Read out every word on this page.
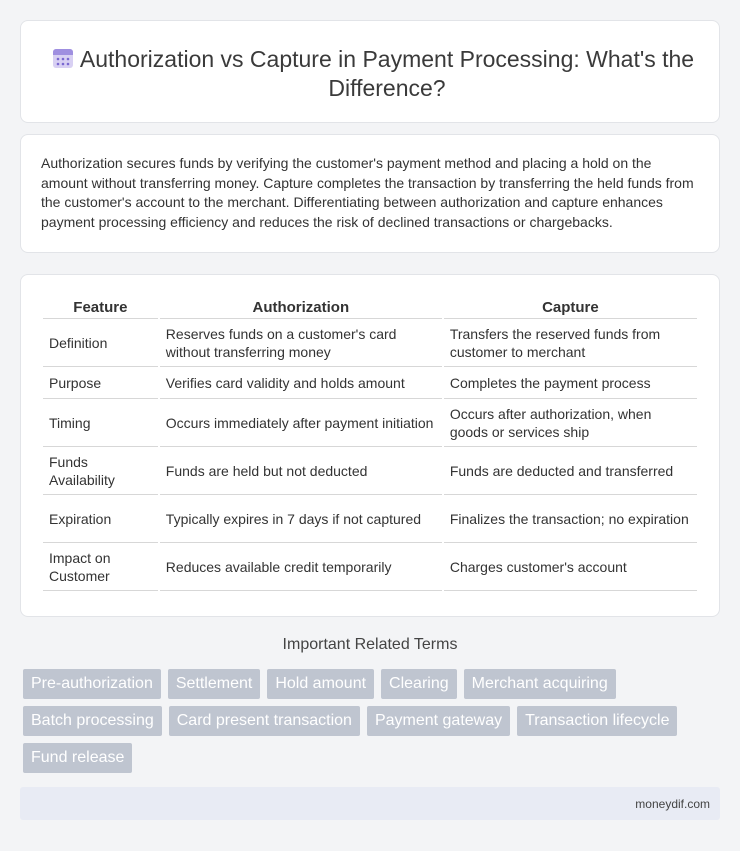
Authorization vs Capture in Payment Processing: What's the Difference?

Authorization secures funds by verifying the customer's payment method and placing a hold on the amount without transferring money. Capture completes the transaction by transferring the held funds from the customer's account to the merchant. Differentiating between authorization and capture enhances payment processing efficiency and reduces the risk of declined transactions or chargebacks.

Feature	Authorization	Capture
Definition	Reserves funds on a customer's card without transferring money	Transfers the reserved funds from customer to merchant
Purpose	Verifies card validity and holds amount	Completes the payment process
Timing	Occurs immediately after payment initiation	Occurs after authorization, when goods or services ship
Funds Availability	Funds are held but not deducted	Funds are deducted and transferred
Expiration	Typically expires in 7 days if not captured	Finalizes the transaction; no expiration
Impact on Customer	Reduces available credit temporarily	Charges customer's account
Important Related Terms
Pre-authorization	Settlement	Hold amount	Clearing	Merchant acquiring
Batch processing	Card present transaction	Payment gateway	Transaction lifecycle
Fund release
moneydif.com
